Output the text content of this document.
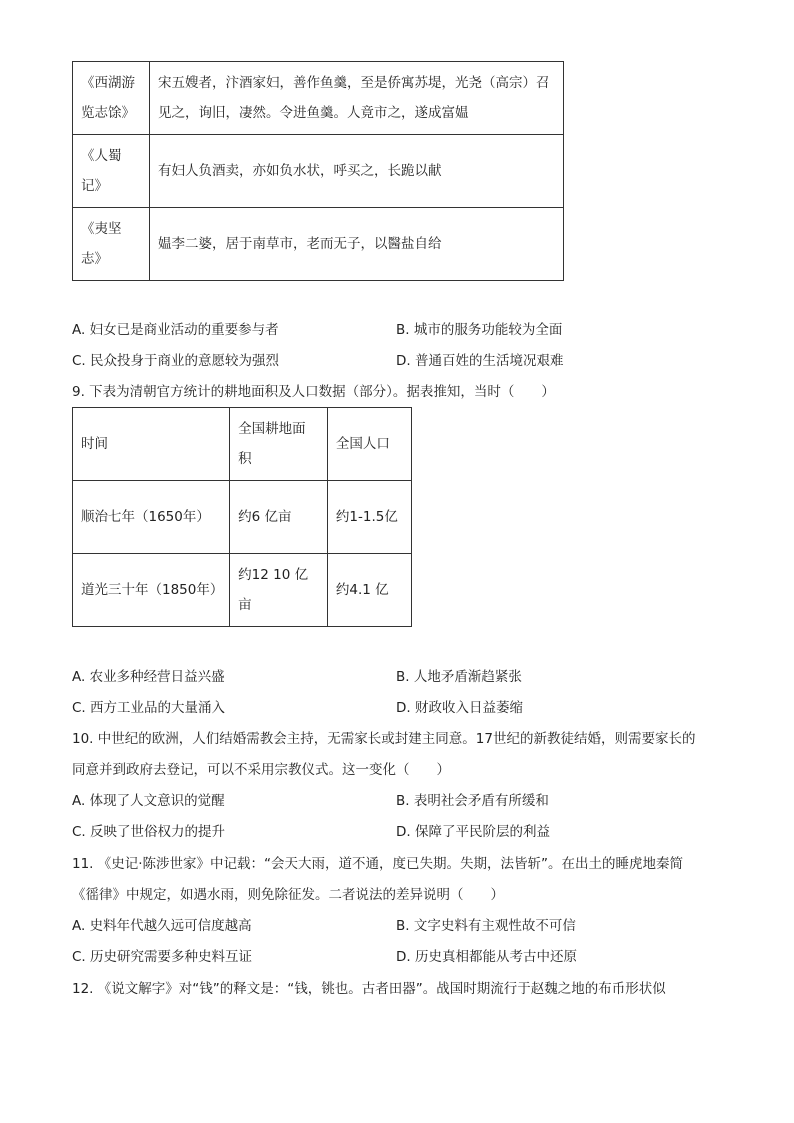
《西湖游览志馀》	宋五嫂者，汴酒家妇，善作鱼羹，至是侨寓苏堤，光尧（高宗）召见之，询旧，凄然。令进鱼羹。人竟市之，遂成富媪
《人蜀记》	有妇人负酒卖，亦如负水状，呼买之，长跪以献
《夷坚志》	媪李二婆，居于南草市，老而无子，以醫盐自给
A. 妇女已是商业活动的重要参与者	B. 城市的服务功能较为全面
C. 民众投身于商业的意愿较为强烈	D. 普通百姓的生活境况艰难
9. 下表为清朝官方统计的耕地面积及人口数据（部分）。据表推知，当时（　　）
时间	全国耕地面积	全国人口
顺治七年（1650年）	约6 亿亩	约1-1.5亿
道光三十年（1850年）	约12 10 亿亩	约4.1 亿
A. 农业多种经营日益兴盛	B. 人地矛盾渐趋紧张
C. 西方工业品的大量涌入	D. 财政收入日益萎缩
10. 中世纪的欧洲，人们结婚需教会主持，无需家长或封建主同意。17世纪的新教徒结婚，则需要家长的
同意并到政府去登记，可以不采用宗教仪式。这一变化（　　）
A. 体现了人文意识的觉醒	B. 表明社会矛盾有所缓和
C. 反映了世俗权力的提升	D. 保障了平民阶层的利益
11. 《史记·陈涉世家》中记载：“会天大雨，道不通，度已失期。失期，法皆斩”。在出土的睡虎地秦简
《徭律》中规定，如遇水雨，则免除征发。二者说法的差异说明（　　）
A. 史料年代越久远可信度越高	B. 文字史料有主观性故不可信
C. 历史研究需要多种史料互证	D. 历史真相都能从考古中还原
12. 《说文解字》对“钱”的释文是：“钱，铫也。古者田器”。战国时期流行于赵魏之地的布币形状似
